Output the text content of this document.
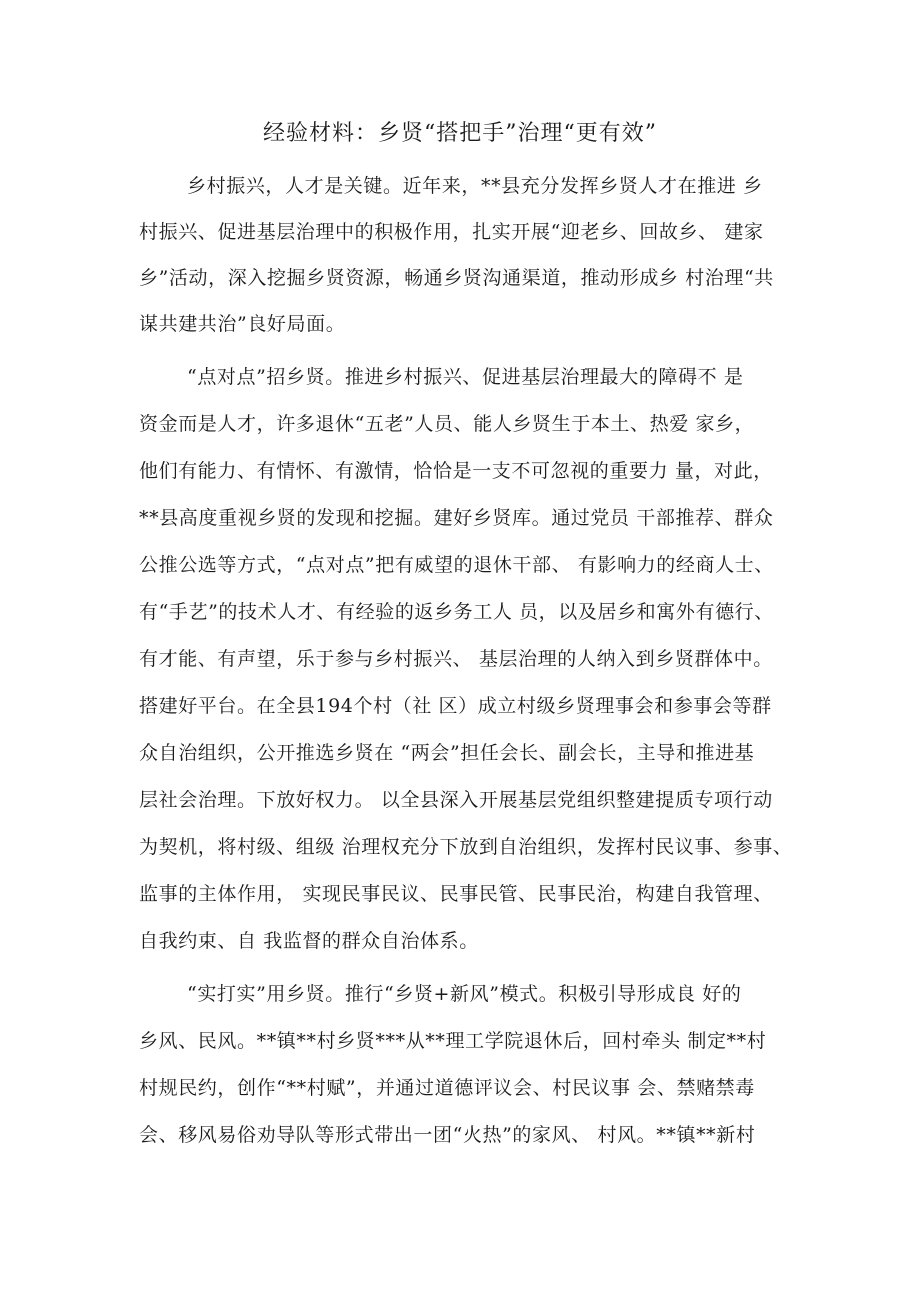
经验材料：乡贤“搭把手”治理“更有效”
乡村振兴，人才是关键。近年来，**县充分发挥乡贤人才在推进 乡
村振兴、促进基层治理中的积极作用，扎实开展“迎老乡、回故乡、 建家
乡”活动，深入挖掘乡贤资源，畅通乡贤沟通渠道，推动形成乡 村治理“共
谋共建共治”良好局面。
“点对点”招乡贤。推进乡村振兴、促进基层治理最大的障碍不 是
资金而是人才，许多退休“五老”人员、能人乡贤生于本土、热爱 家乡，
他们有能力、有情怀、有激情，恰恰是一支不可忽视的重要力 量，对此，
**县高度重视乡贤的发现和挖掘。建好乡贤库。通过党员 干部推荐、群众
公推公选等方式，“点对点”把有威望的退休干部、 有影响力的经商人士、
有“手艺”的技术人才、有经验的返乡务工人 员，以及居乡和寓外有德行、
有才能、有声望，乐于参与乡村振兴、 基层治理的人纳入到乡贤群体中。
搭建好平台。在全县194个村（社 区）成立村级乡贤理事会和参事会等群
众自治组织，公开推选乡贤在 “两会”担任会长、副会长，主导和推进基
层社会治理。下放好权力。 以全县深入开展基层党组织整建提质专项行动
为契机，将村级、组级 治理权充分下放到自治组织，发挥村民议事、参事、
监事的主体作用， 实现民事民议、民事民管、民事民治，构建自我管理、
自我约束、自 我监督的群众自治体系。
“实打实”用乡贤。推行“乡贤+新风”模式。积极引导形成良 好的
乡风、民风。**镇**村乡贤***从**理工学院退休后，回村牵头 制定**村
村规民约，创作“**村赋”，并通过道德评议会、村民议事 会、禁赌禁毒
会、移风易俗劝导队等形式带出一团“火热”的家风、 村风。**镇**新村
